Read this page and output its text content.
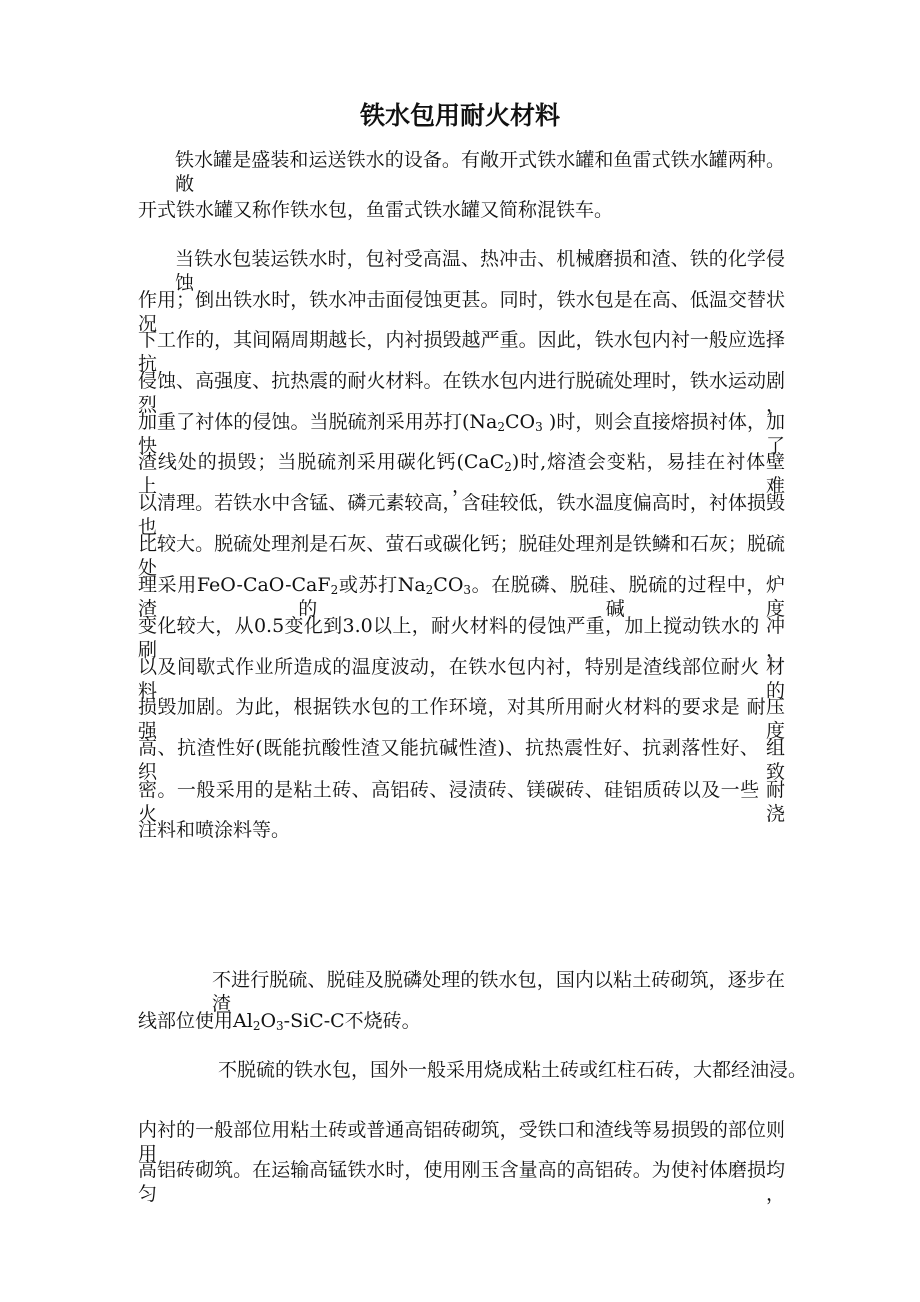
铁水包用耐火材料
铁水罐是盛装和运送铁水的设备。有敞开式铁水罐和鱼雷式铁水罐两种。敞
开式铁水罐又称作铁水包，鱼雷式铁水罐又简称混铁车。
当铁水包装运铁水时，包衬受高温、热冲击、机械磨损和渣、铁的化学侵蚀
作用；倒出铁水时，铁水冲击面侵蚀更甚。同时，铁水包是在高、低温交替状况
下工作的，其间隔周期越长，内衬损毁越严重。因此，铁水包内衬一般应选择抗
侵蚀、高强度、抗热震的耐火材料。在铁水包内进行脱硫处理时，铁水运动剧烈，
加重了衬体的侵蚀。当脱硫剂采用苏打($Na_2CO_3$ )时，则会直接熔损衬体，加快了
渣线处的损毁；当脱硫剂采用碳化钙(CaC$_2$)时,熔渣会变粘，易挂在衬体壁上，难
以清理。若铁水中含锰、磷元素较高，含硅较低，铁水温度偏高时，衬体损毁也
比较大。脱硫处理剂是石灰、萤石或碳化钙；脱硅处理剂是铁鳞和石灰；脱硫处
理采用FeO-CaO-CaF$_2$或苏打$Na_2CO_3$。在脱磷、脱硅、脱硫的过程中，炉渣的 碱度
变化较大，从0.5变化到3.0以上，耐火材料的侵蚀严重，加上搅动铁水的 冲刷，
以及间歇式作业所造成的温度波动，在铁水包内衬，特别是渣线部位耐火 材料的
损毁加剧。为此，根据铁水包的工作环境，对其所用耐火材料的要求是 耐压强度
高、抗渣性好(既能抗酸性渣又能抗碱性渣)、抗热震性好、抗剥落性好、 组织致
密。一般采用的是粘土砖、高铝砖、浸渍砖、镁碳砖、硅铝质砖以及一些 耐火浇
注料和喷涂料等。
不进行脱硫、脱硅及脱磷处理的铁水包，国内以粘土砖砌筑，逐步在渣
线部位使用$Al_2O_3-SiC-C$不烧砖。
不脱硫的铁水包，国外一般采用烧成粘土砖或红柱石砖，大都经油浸。
内衬的一般部位用粘土砖或普通高铝砖砌筑，受铁口和渣线等易损毁的部位则用
高铝砖砌筑。在运输高锰铁水时，使用刚玉含量高的高铝砖。为使衬体磨损均匀，
